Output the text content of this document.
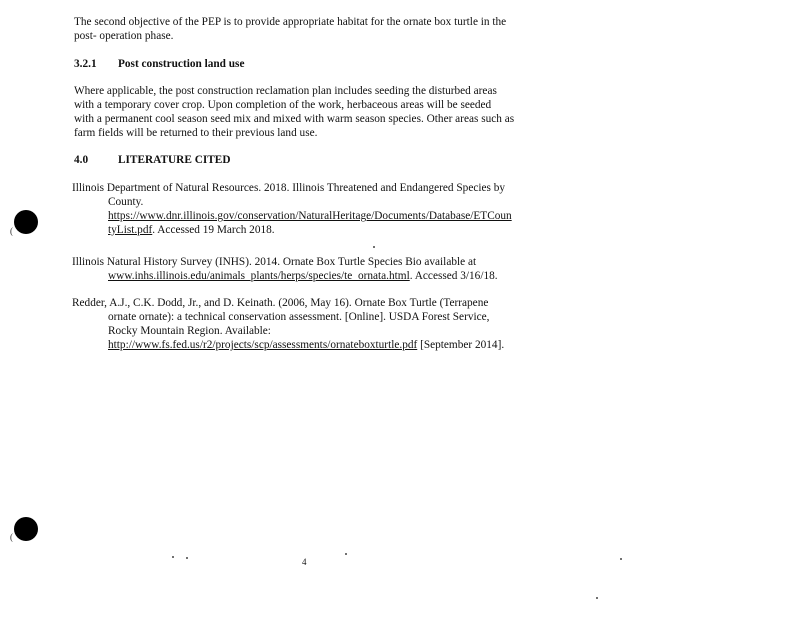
The second objective of the PEP is to provide appropriate habitat for the ornate box turtle in the
post- operation phase.

3.2.1 Post construction land use

Where applicable, the post construction reclamation plan includes seeding the disturbed areas
with a temporary cover crop. Upon completion of the work, herbaceous areas will be seeded
with a permanent cool season seed mix and mixed with warm season species. Other areas such as
farm fields will be returned to their previous land use.

4.0	LITERATURE CITED

Illinois Department of Natural Resources. 2018. Illinois Threatened and Endangered Species by
County.
https://www.dnr.illinois.gov/conservation/NaturalHeritage/Documents/Database/ETCoun
tyList.pdf. Accessed 19 March 2018.

Illinois Natural History Survey (INHS). 2014. Ornate Box Turtle Species Bio available at
www.inhs.illinois.edu/animals_plants/herps/species/te_ornata.html. Accessed 3/16/18.

Redder, A.J., C.K. Dodd, Jr., and D. Keinath. (2006, May 16). Ornate Box Turtle (Terrapene
ornate ornate): a technical conservation assessment. [Online]. USDA Forest Service,
Rocky Mountain Region. Available:
http://www.fs.fed.us/r2/projects/scp/assessments/ornateboxturtle.pdf [September 2014].

(
(
4
